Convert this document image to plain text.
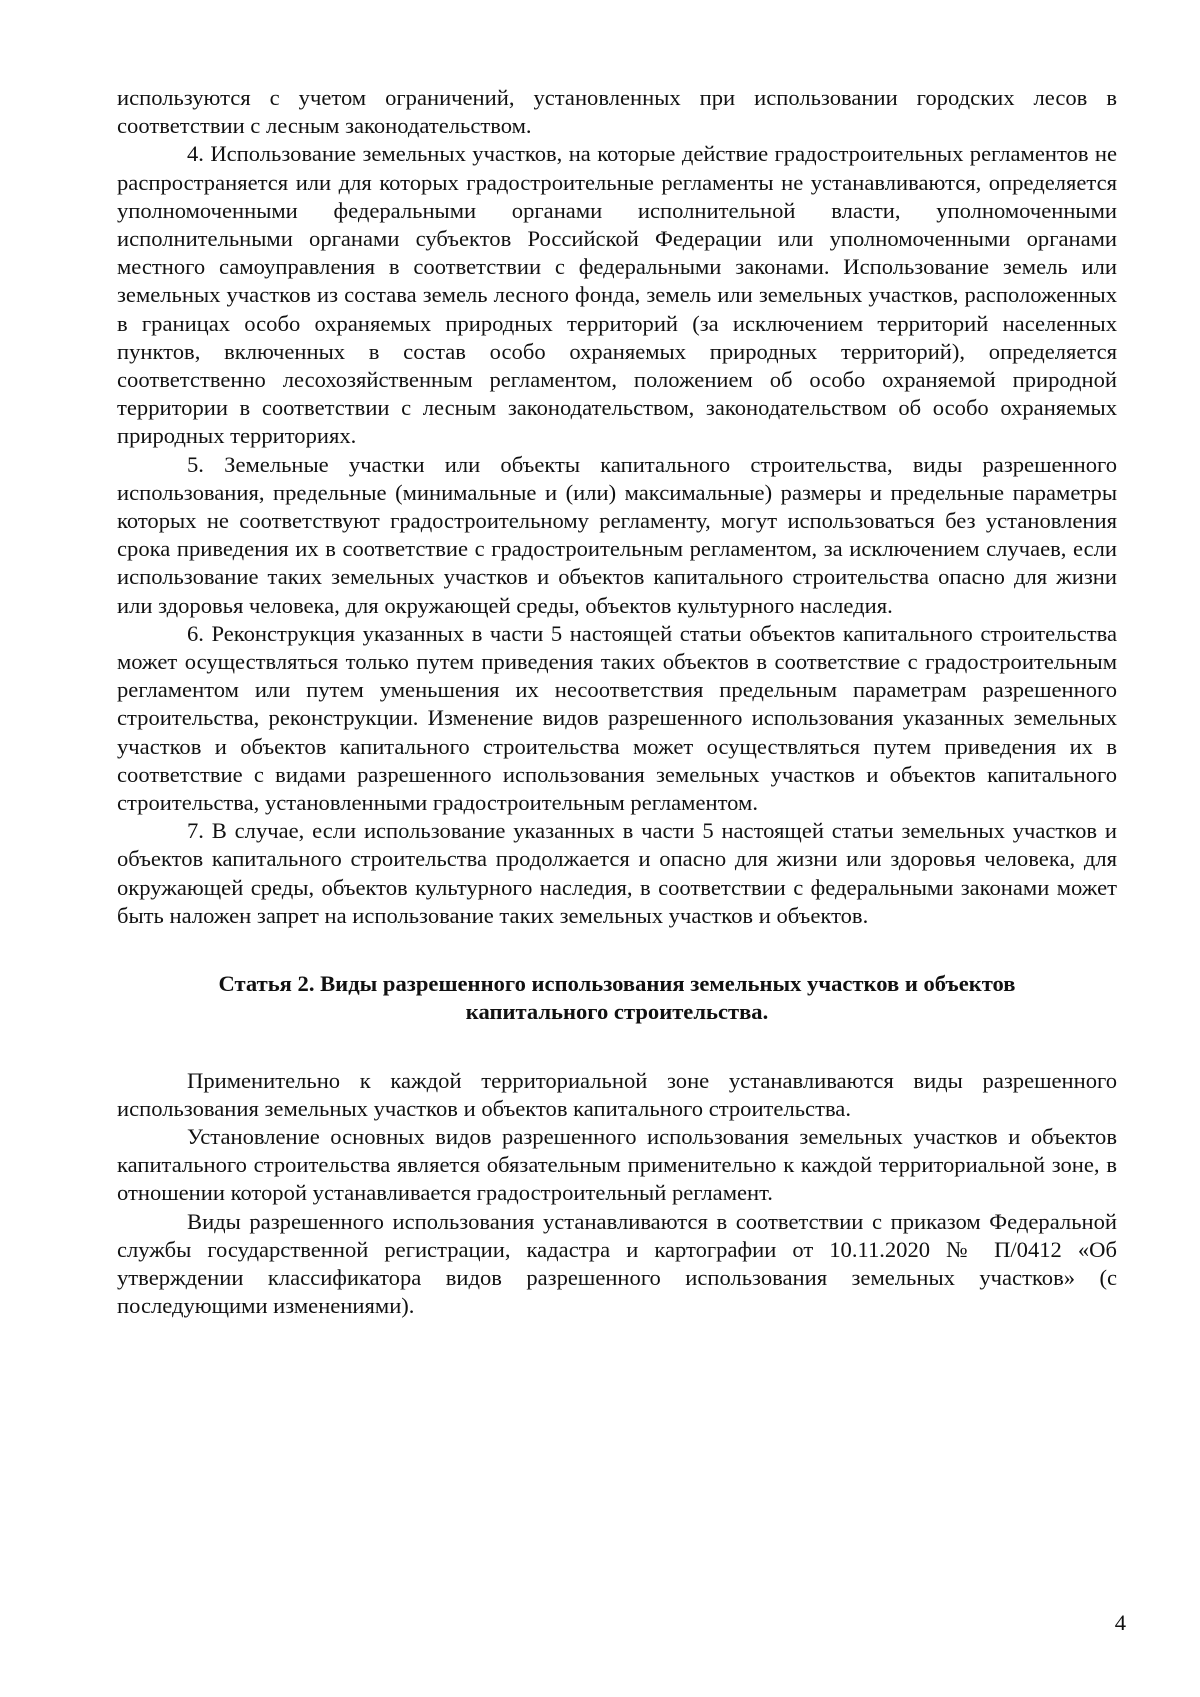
используются с учетом ограничений, установленных при использовании городских лесов в соответствии с лесным законодательством.

4. Использование земельных участков, на которые действие градостроительных регламентов не распространяется или для которых градостроительные регламенты не устанавливаются, определяется уполномоченными федеральными органами исполнительной власти, уполномоченными исполнительными органами субъектов Российской Федерации или уполномоченными органами местного самоуправления в соответствии с федеральными законами. Использование земель или земельных участков из состава земель лесного фонда, земель или земельных участков, расположенных в границах особо охраняемых природных территорий (за исключением территорий населенных пунктов, включенных в состав особо охраняемых природных территорий), определяется соответственно лесохозяйственным регламентом, положением об особо охраняемой природной территории в соответствии с лесным законодательством, законодательством об особо охраняемых природных территориях.

5. Земельные участки или объекты капитального строительства, виды разрешенного использования, предельные (минимальные и (или) максимальные) размеры и предельные параметры которых не соответствуют градостроительному регламенту, могут использоваться без установления срока приведения их в соответствие с градостроительным регламентом, за исключением случаев, если использование таких земельных участков и объектов капитального строительства опасно для жизни или здоровья человека, для окружающей среды, объектов культурного наследия.

6. Реконструкция указанных в части 5 настоящей статьи объектов капитального строительства может осуществляться только путем приведения таких объектов в соответствие с градостроительным регламентом или путем уменьшения их несоответствия предельным параметрам разрешенного строительства, реконструкции. Изменение видов разрешенного использования указанных земельных участков и объектов капитального строительства может осуществляться путем приведения их в соответствие с видами разрешенного использования земельных участков и объектов капитального строительства, установленными градостроительным регламентом.

7. В случае, если использование указанных в части 5 настоящей статьи земельных участков и объектов капитального строительства продолжается и опасно для жизни или здоровья человека, для окружающей среды, объектов культурного наследия, в соответствии с федеральными законами может быть наложен запрет на использование таких земельных участков и объектов.

Статья 2. Виды разрешенного использования земельных участков и объектов
капитального строительства.

Применительно к каждой территориальной зоне устанавливаются виды разрешенного использования земельных участков и объектов капитального строительства.

Установление основных видов разрешенного использования земельных участков и объектов капитального строительства является обязательным применительно к каждой территориальной зоне, в отношении которой устанавливается градостроительный регламент.

Виды разрешенного использования устанавливаются в соответствии с приказом Федеральной службы государственной регистрации, кадастра и картографии от 10.11.2020 № П/0412 «Об утверждении классификатора видов разрешенного использования земельных участков» (с последующими изменениями).

4
